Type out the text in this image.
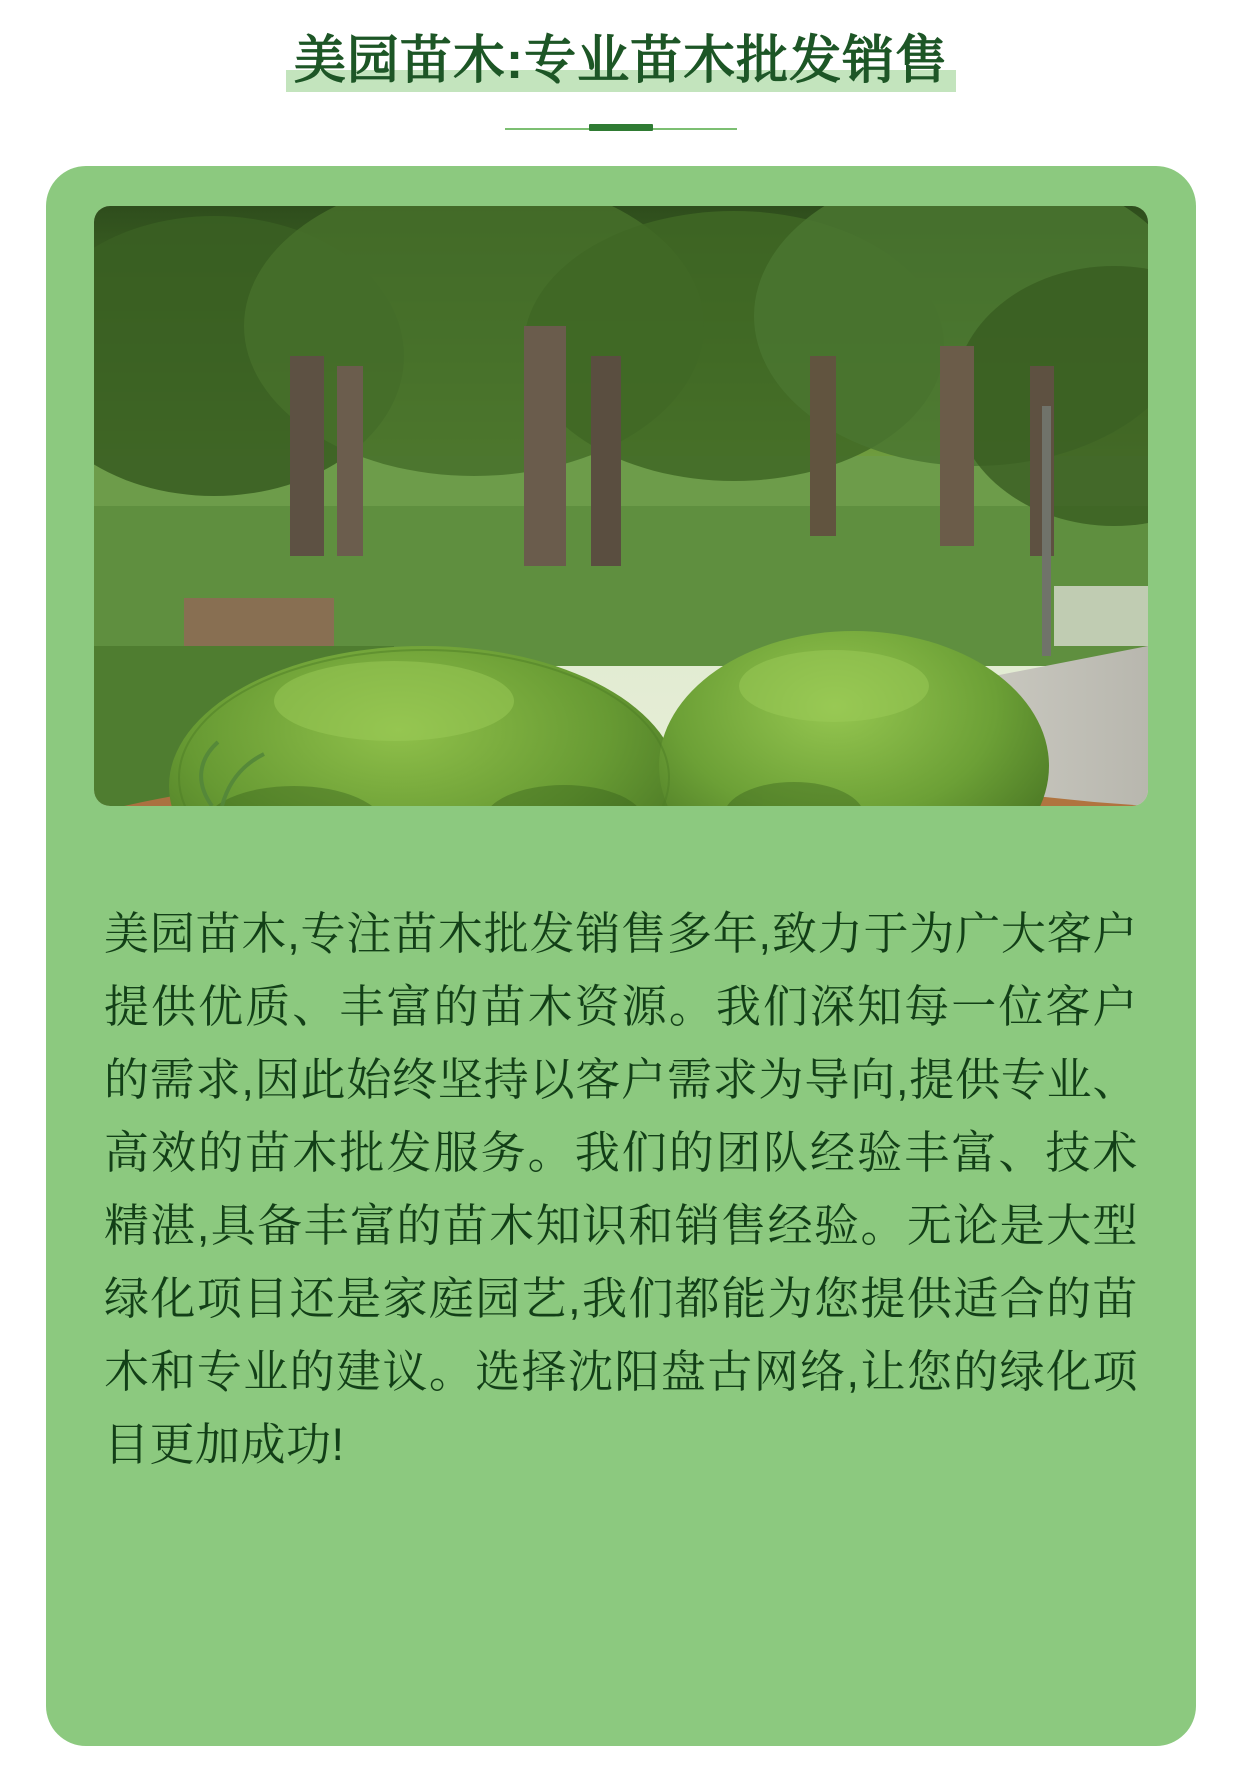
美园苗木:专业苗木批发销售
美园苗木,专注苗木批发销售多年,致力于为广大客户提供优质、丰富的苗木资源。我们深知每一位客户的需求,因此始终坚持以客户需求为导向,提供专业、高效的苗木批发服务。我们的团队经验丰富、技术精湛,具备丰富的苗木知识和销售经验。无论是大型绿化项目还是家庭园艺,我们都能为您提供适合的苗木和专业的建议。选择沈阳盘古网络,让您的绿化项目更加成功!
